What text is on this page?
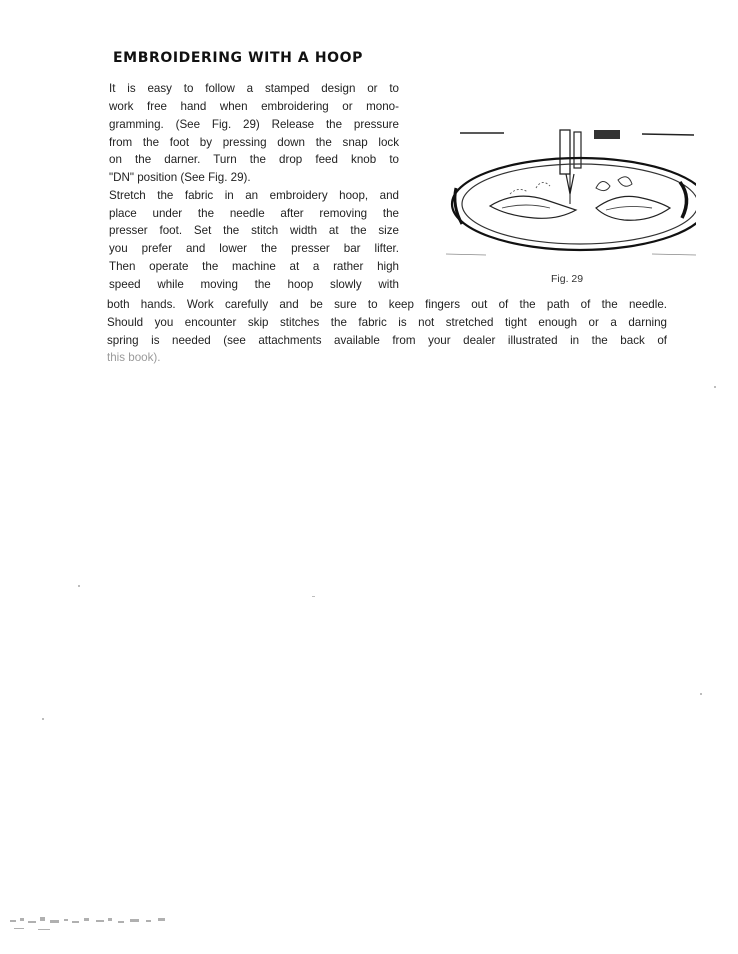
EMBROIDERING WITH A HOOP

It is easy to follow a stamped design or to

work free hand when embroidering or mono-

gramming. (See Fig. 29) Release the pressure

from the foot by pressing down the snap lock

on the darner. Turn the drop feed knob to

"DN" position (See Fig. 29).

Stretch the fabric in an embroidery hoop, and

place under the needle after removing the

presser foot. Set the stitch width at the size

you prefer and lower the presser bar lifter.

Then operate the machine at a rather high

speed while moving the hoop slowly with

both hands. Work carefully and be sure to keep fingers out of the path of the needle.

Should you encounter skip stitches the fabric is not stretched tight enough or a darning

spring is needed (see attachments available from your dealer illustrated in the back of

this book).

Fig. 29
